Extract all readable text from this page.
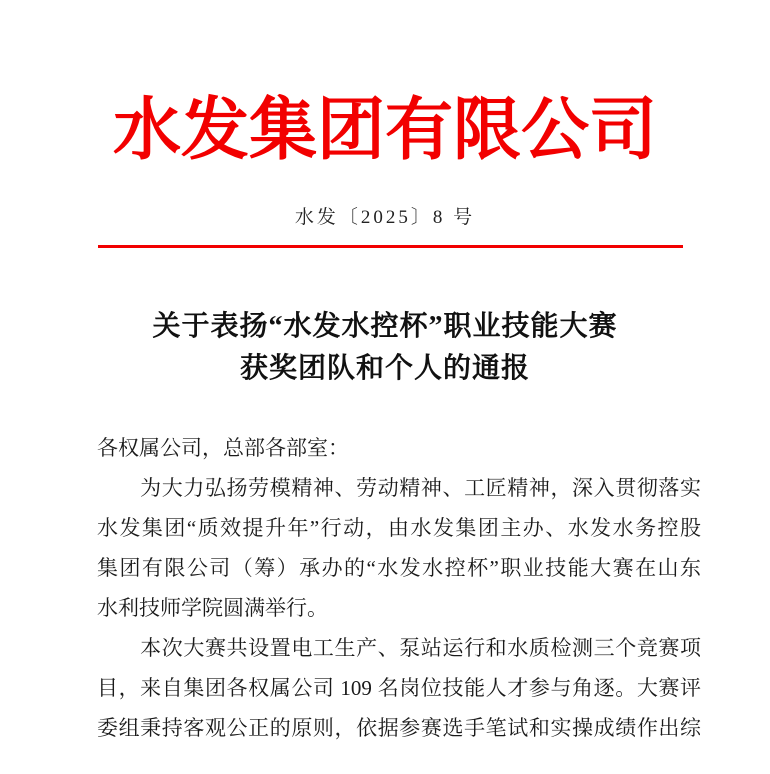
水发集团有限公司
水发〔2025〕8 号
关于表扬“水发水控杯”职业技能大赛
获奖团队和个人的通报
各权属公司，总部各部室：
　　为大力弘扬劳模精神、劳动精神、工匠精神，深入贯彻落实
水发集团“质效提升年”行动，由水发集团主办、水发水务控股
集团有限公司（筹）承办的“水发水控杯”职业技能大赛在山东
水利技师学院圆满举行。
　　本次大赛共设置电工生产、泵站运行和水质检测三个竞赛项
目，来自集团各权属公司 109 名岗位技能人才参与角逐。大赛评
委组秉持客观公正的原则，依据参赛选手笔试和实操成绩作出综
